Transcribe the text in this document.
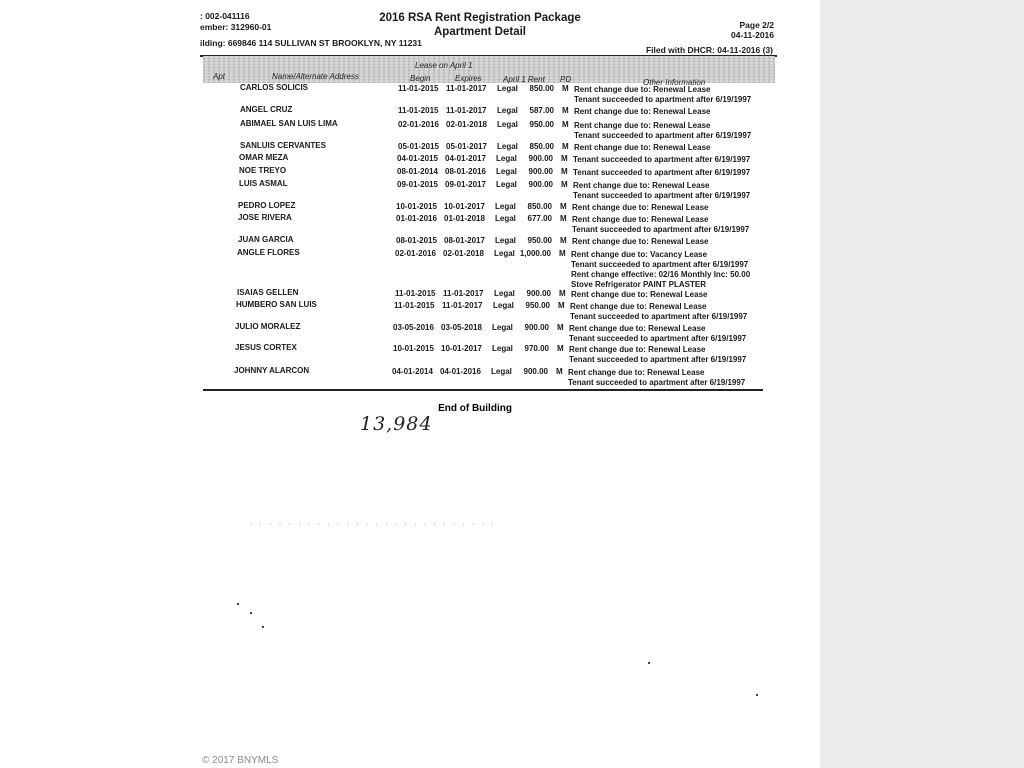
: 002-041116
ember: 312960-01
ilding: 669846 114 SULLIVAN ST BROOKLYN, NY 11231
2016 RSA Rent Registration Package
Apartment Detail
Page 2/2
04-11-2016
Filed with DHCR: 04-11-2016 (3)
Lease on April 1
Apt	Name/Alternate Address	Begin	Expires	April 1 Rent PD	Other Information
CARLOS SOLICIS	11-01-2015 11-01-2017 Legal	850.00 M Rent change due to: Renewal Lease
Tenant succeeded to apartment after 6/19/1997
ANGEL CRUZ	11-01-2015 11-01-2017 Legal	587.00 M Rent change due to: Renewal Lease
ABIMAEL SAN LUIS LIMA	02-01-2016 02-01-2018 Legal	950.00 M Rent change due to: Renewal Lease
Tenant succeeded to apartment after 6/19/1997
SANLUIS CERVANTES	05-01-2015 05-01-2017 Legal	850.00 M Rent change due to: Renewal Lease
OMAR MEZA	04-01-2015 04-01-2017 Legal	900.00 M Tenant succeeded to apartment after 6/19/1997
NOE TREYO	08-01-2014 08-01-2016 Legal	900.00 M Tenant succeeded to apartment after 6/19/1997
LUIS ASMAL	09-01-2015 09-01-2017 Legal	900.00 M Rent change due to: Renewal Lease
Tenant succeeded to apartment after 6/19/1997
PEDRO LOPEZ	10-01-2015 10-01-2017 Legal	850.00 M Rent change due to: Renewal Lease
JOSE RIVERA	01-01-2016 01-01-2018 Legal	677.00 M Rent change due to: Renewal Lease
Tenant succeeded to apartment after 6/19/1997
JUAN GARCIA	08-01-2015 08-01-2017 Legal	950.00 M Rent change due to: Renewal Lease
ANGLE FLORES	02-01-2016 02-01-2018 Legal 1,000.00 M Rent change due to: Vacancy Lease
Tenant succeeded to apartment after 6/19/1997
Rent change effective: 02/16 Monthly Inc: 50.00
Stove Refrigerator PAINT PLASTER
ISAIAS GELLEN	11-01-2015 11-01-2017 Legal	900.00 M Rent change due to: Renewal Lease
HUMBERO SAN LUIS	11-01-2015 11-01-2017 Legal	950.00 M Rent change due to: Renewal Lease
Tenant succeeded to apartment after 6/19/1997
JULIO MORALEZ	03-05-2016 03-05-2018 Legal	900.00 M Rent change due to: Renewal Lease
Tenant succeeded to apartment after 6/19/1997
JESUS CORTEX	10-01-2015 10-01-2017 Legal	970.00 M Rent change due to: Renewal Lease
Tenant succeeded to apartment after 6/19/1997
JOHNNY ALARCON	04-01-2014 04-01-2016 Legal	900.00 M Rent change due to: Renewal Lease
Tenant succeeded to apartment after 6/19/1997
End of Building
13,984
· · · · · · · · · · · · · · · · · · · · · · · · · ·
© 2017 BNYMLS
